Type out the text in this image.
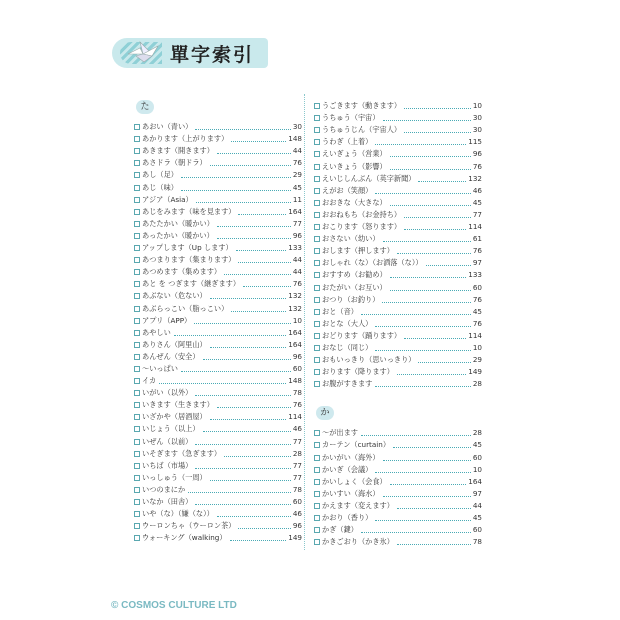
單字索引
た
あおい（青い）	30
あかります（上がります）	148
あきます（開きます）	44
あさドラ（朝ドラ）	76
あし（足）	29
あじ（味）	45
アジア（Asia）	11
あじをみます（味を見ます）	164
あたたかい（暖かい）	77
あったかい（暖かい）	96
アップします（Up します）	133
あつまります（集まります）	44
あつめます（集めます）	44
あと を つぎます（継ぎます）	76
あぶない（危ない）	132
あぶらっこい（脂っこい）	132
アプリ（APP）	10
あやしい	164
ありさん（阿里山）	164
あんぜん（安全）	96
～いっぱい	60
イカ	148
いがい（以外）	78
いきます（生きます）	76
いざかや（居酒屋）	114
いじょう（以上）	46
いぜん（以前）	77
いそぎます（急ぎます）	28
いちば（市場）	77
いっしゅう（一周）	77
いつのまにか	78
いなか（田舎）	60
いや（な）（嫌（な））	46
ウーロンちゃ（ウーロン茶）	96
ウォーキング（walking）	149
うごきます（動きます）	10
うちゅう（宇宙）	30
うちゅうじん（宇宙人）	30
うわぎ（上着）	115
えいぎょう（営業）	96
えいきょう（影響）	76
えいじしんぶん（英字新聞）	132
えがお（笑顔）	46
おおきな（大きな）	45
おおねもち（お金持ち）	77
おこります（怒ります）	114
おさない（幼い）	61
おします（押します）	76
おしゃれ（な）（お洒落（な））	97
おすすめ（お勧め）	133
おたがい（お互い）	60
おつり（お釣り）	76
おと（音）	45
おとな（大人）	76
おどります（踊ります）	114
おなじ（同じ）	10
おもいっきり（思いっきり）	29
おります（降ります）	149
お腹がすきます	28
か
～が出ます	28
カーテン（curtain）	45
かいがい（海外）	60
かいぎ（会議）	10
かいしょく（会食）	164
かいすい（海水）	97
かえます（変えます）	44
かおり（香り）	45
かぎ（鍵）	60
かきごおり（かき氷）	78
© COSMOS CULTURE LTD
